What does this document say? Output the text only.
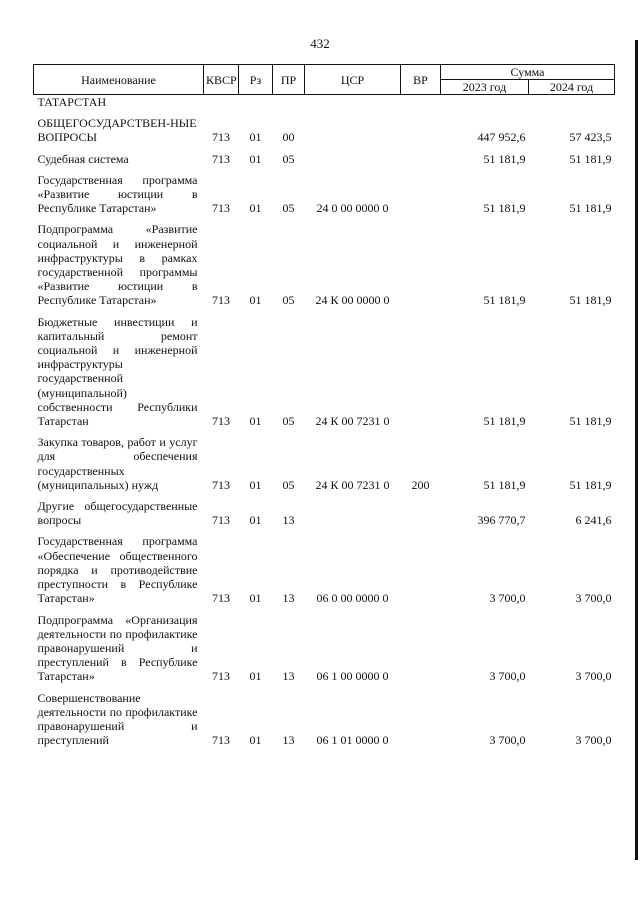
432
Наименование	КВСР	Рз	ПР	ЦСР	ВР	Сумма	
						2023 год	2024 год
ТАТАРСТАН							
ОБЩЕГОСУДАРСТВЕН-НЫЕ ВОПРОСЫ	713	01	00			447 952,6	57 423,5
Судебная система	713	01	05			51 181,9	51 181,9
Государственная программа «Развитие юстиции в Республике Татарстан»	713	01	05	24 0 00 0000 0		51 181,9	51 181,9
Подпрограмма «Развитие социальной и инженерной инфраструктуры в рамках государственной программы «Развитие юстиции в Республике Татарстан»	713	01	05	24 К 00 0000 0		51 181,9	51 181,9
Бюджетные инвестиции и капитальный ремонт социальной и инженерной инфраструктуры государственной (муниципальной) собственности Республики Татарстан	713	01	05	24 К 00 7231 0		51 181,9	51 181,9
Закупка товаров, работ и услуг для обеспечения государственных (муниципальных) нужд	713	01	05	24 К 00 7231 0	200	51 181,9	51 181,9
Другие общегосударственные вопросы	713	01	13			396 770,7	6 241,6
Государственная программа «Обеспечение общественного порядка и противодействие преступности в Республике Татарстан»	713	01	13	06 0 00 0000 0		3 700,0	3 700,0
Подпрограмма «Организация деятельности по профилактике правонарушений и преступлений в Республике Татарстан»	713	01	13	06 1 00 0000 0		3 700,0	3 700,0
Совершенствование деятельности по профилактике правонарушений и преступлений	713	01	13	06 1 01 0000 0		3 700,0	3 700,0
